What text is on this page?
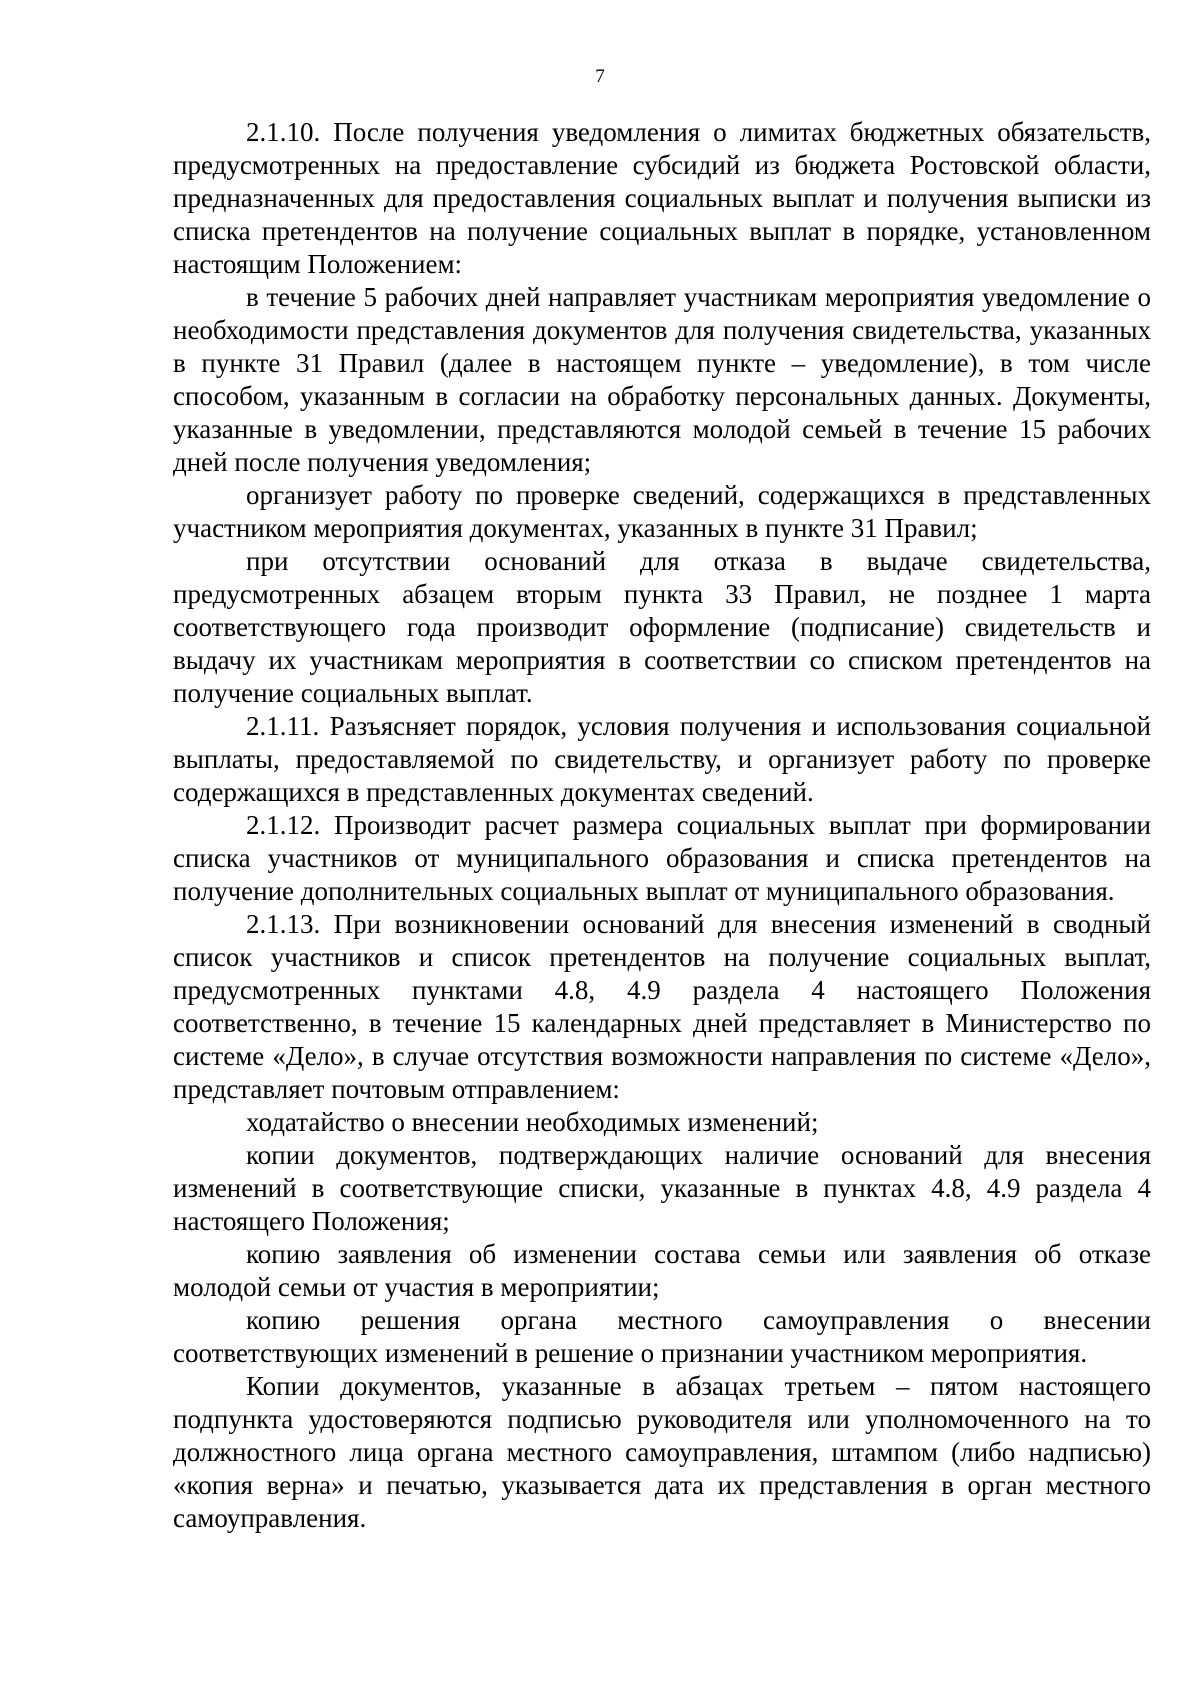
7

2.1.10. После получения уведомления о лимитах бюджетных обязательств, предусмотренных на предоставление субсидий из бюджета Ростовской области, предназначенных для предоставления социальных выплат и получения выписки из списка претендентов на получение социальных выплат в порядке, установленном настоящим Положением:

в течение 5 рабочих дней направляет участникам мероприятия уведомление о необходимости представления документов для получения свидетельства, указанных в пункте 31 Правил (далее в настоящем пункте – уведомление), в том числе способом, указанным в согласии на обработку персональных данных. Документы, указанные в уведомлении, представляются молодой семьей в течение 15 рабочих дней после получения уведомления;

организует работу по проверке сведений, содержащихся в представленных участником мероприятия документах, указанных в пункте 31 Правил;

при отсутствии оснований для отказа в выдаче свидетельства, предусмотренных абзацем вторым пункта 33 Правил, не позднее 1 марта соответствующего года производит оформление (подписание) свидетельств и выдачу их участникам мероприятия в соответствии со списком претендентов на получение социальных выплат.

2.1.11. Разъясняет порядок, условия получения и использования социальной выплаты, предоставляемой по свидетельству, и организует работу по проверке содержащихся в представленных документах сведений.

2.1.12. Производит расчет размера социальных выплат при формировании списка участников от муниципального образования и списка претендентов на получение дополнительных социальных выплат от муниципального образования.

2.1.13. При возникновении оснований для внесения изменений в сводный список участников и список претендентов на получение социальных выплат, предусмотренных пунктами 4.8, 4.9 раздела 4 настоящего Положения соответственно, в течение 15 календарных дней представляет в Министерство по системе «Дело», в случае отсутствия возможности направления по системе «Дело», представляет почтовым отправлением:

ходатайство о внесении необходимых изменений;

копии документов, подтверждающих наличие оснований для внесения изменений в соответствующие списки, указанные в пунктах 4.8, 4.9 раздела 4 настоящего Положения;

копию заявления об изменении состава семьи или заявления об отказе молодой семьи от участия в мероприятии;

копию решения органа местного самоуправления о внесении соответствующих изменений в решение о признании участником мероприятия.

Копии документов, указанные в абзацах третьем – пятом настоящего подпункта удостоверяются подписью руководителя или уполномоченного на то должностного лица органа местного самоуправления, штампом (либо надписью) «копия верна» и печатью, указывается дата их представления в орган местного самоуправления.
